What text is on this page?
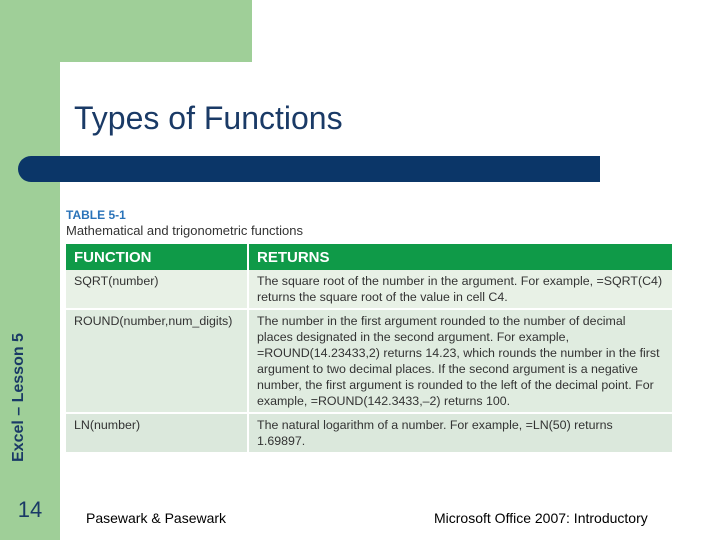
Types of Functions
Excel – Lesson 5
TABLE 5-1
Mathematical and trigonometric functions
FUNCTION	RETURNS
SQRT(number)	The square root of the number in the argument. For example, =SQRT(C4) returns the square root of the value in cell C4.
ROUND(number,num_digits)	The number in the first argument rounded to the number of decimal places designated in the second argument. For example, =ROUND(14.23433,2) returns 14.23, which rounds the number in the first argument to two decimal places. If the second argument is a negative number, the first argument is rounded to the left of the decimal point. For example, =ROUND(142.3433,–2) returns 100.
LN(number)	The natural logarithm of a number. For example, =LN(50) returns 1.69897.
14	Pasewark & Pasewark	Microsoft Office 2007: Introductory
